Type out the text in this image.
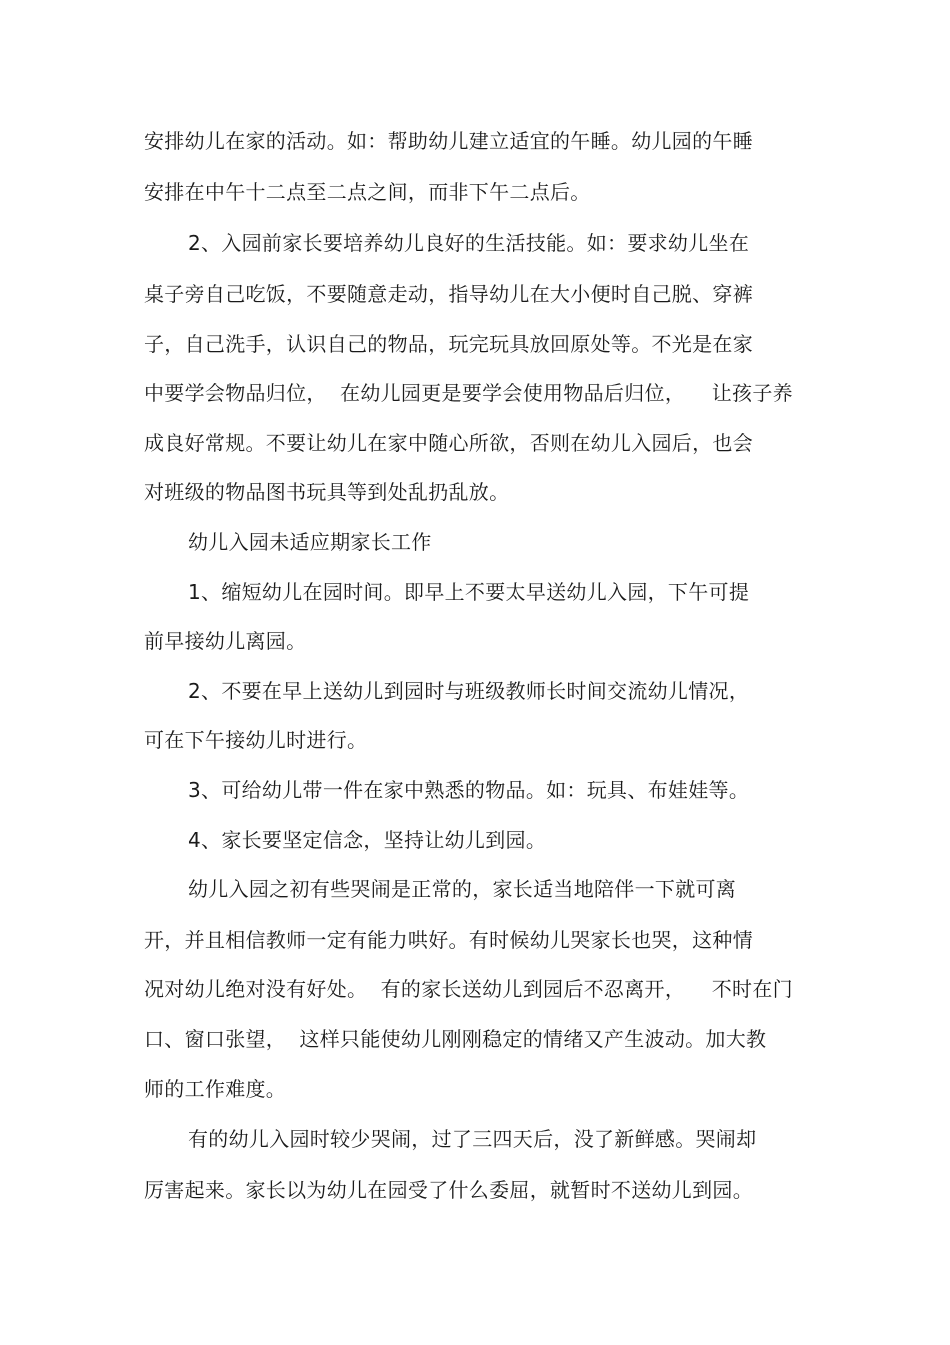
安排幼儿在家的活动。如：帮助幼儿建立适宜的午睡。幼儿园的午睡
安排在中午十二点至二点之间，而非下午二点后。
2、入园前家长要培养幼儿良好的生活技能。如：要求幼儿坐在
桌子旁自己吃饭，不要随意走动，指导幼儿在大小便时自己脱、穿裤
子，自己洗手，认识自己的物品，玩完玩具放回原处等。不光是在家
中要学会物品归位，  在幼儿园更是要学会使用物品后归位，    让孩子养
成良好常规。不要让幼儿在家中随心所欲，否则在幼儿入园后，也会
对班级的物品图书玩具等到处乱扔乱放。
幼儿入园未适应期家长工作
1、缩短幼儿在园时间。即早上不要太早送幼儿入园，下午可提
前早接幼儿离园。
2、不要在早上送幼儿到园时与班级教师长时间交流幼儿情况，
可在下午接幼儿时进行。
3、可给幼儿带一件在家中熟悉的物品。如：玩具、布娃娃等。
4、家长要坚定信念，坚持让幼儿到园。
幼儿入园之初有些哭闹是正常的，家长适当地陪伴一下就可离
开，并且相信教师一定有能力哄好。有时候幼儿哭家长也哭，这种情
况对幼儿绝对没有好处。  有的家长送幼儿到园后不忍离开，    不时在门
口、窗口张望，  这样只能使幼儿刚刚稳定的情绪又产生波动。加大教
师的工作难度。
有的幼儿入园时较少哭闹，过了三四天后，没了新鲜感。哭闹却
厉害起来。家长以为幼儿在园受了什么委屈，就暂时不送幼儿到园。
